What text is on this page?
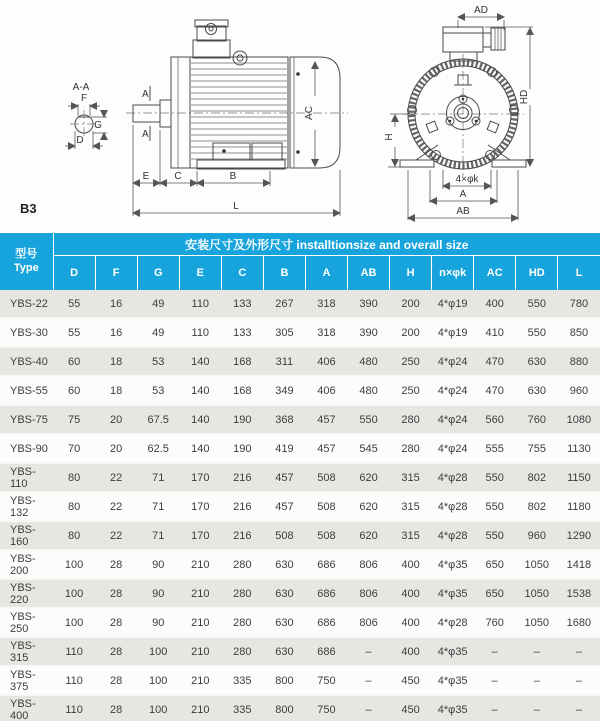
A-A
F
G
D
A
A
AC
E	C	B
L
AD
HD
H
4×φk
A
AB
B3
型号
Type	安装尺寸及外形尺寸 installtionsize and overall size												
	D	F	G	E	C	B	A	AB	H	n×φk	AC	HD	L
YBS-22	55	16	49	110	133	267	318	390	200	4*φ19	400	550	780
YBS-30	55	16	49	110	133	305	318	390	200	4*φ19	410	550	850
YBS-40	60	18	53	140	168	311	406	480	250	4*φ24	470	630	880
YBS-55	60	18	53	140	168	349	406	480	250	4*φ24	470	630	960
YBS-75	75	20	67.5	140	190	368	457	550	280	4*φ24	560	760	1080
YBS-90	70	20	62.5	140	190	419	457	545	280	4*φ24	555	755	1130
YBS-110	80	22	71	170	216	457	508	620	315	4*φ28	550	802	1150
YBS-132	80	22	71	170	216	457	508	620	315	4*φ28	550	802	1180
YBS-160	80	22	71	170	216	508	508	620	315	4*φ28	550	960	1290
YBS-200	100	28	90	210	280	630	686	806	400	4*φ35	650	1050	1418
YBS-220	100	28	90	210	280	630	686	806	400	4*φ35	650	1050	1538
YBS-250	100	28	90	210	280	630	686	806	400	4*φ28	760	1050	1680
YBS-315	110	28	100	210	280	630	686	–	400	4*φ35	–	–	–
YBS-375	110	28	100	210	335	800	750	–	450	4*φ35	–	–	–
YBS-400	110	28	100	210	335	800	750	–	450	4*φ35	–	–	–
